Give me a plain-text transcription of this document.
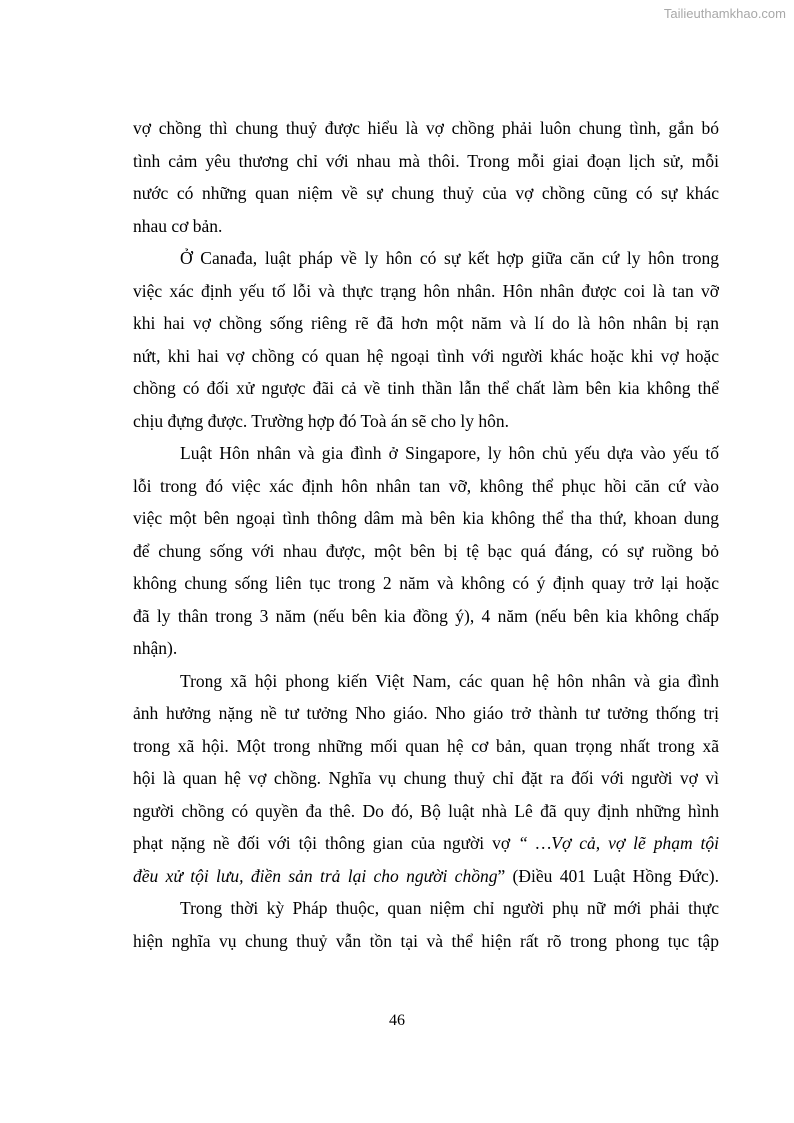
Tailieuthamkhao.com
vợ chồng thì chung thuỷ được hiểu là vợ chồng phải luôn chung tình, gắn bó
tình cảm yêu thương chỉ với nhau mà thôi. Trong mỗi giai đoạn lịch sử, mỗi
nước có những quan niệm về sự chung thuỷ của vợ chồng cũng có sự khác
nhau cơ bản.
Ở Canađa, luật pháp về ly hôn có sự kết hợp giữa căn cứ ly hôn trong
việc xác định yếu tố lỗi và thực trạng hôn nhân. Hôn nhân được coi là tan vỡ
khi hai vợ chồng sống riêng rẽ đã hơn một năm và lí do là hôn nhân bị rạn
nứt, khi hai vợ chồng có quan hệ ngoại tình với người khác hoặc khi vợ hoặc
chồng có đối xử ngược đãi cả về tinh thần lẫn thể chất làm bên kia không thể
chịu đựng được. Trường hợp đó Toà án sẽ cho ly hôn.
Luật Hôn nhân và gia đình ở Singapore, ly hôn chủ yếu dựa vào yếu tố
lỗi trong đó việc xác định hôn nhân tan vỡ, không thể phục hồi căn cứ vào
việc một bên ngoại tình thông dâm mà bên kia không thể tha thứ, khoan dung
để chung sống với nhau được, một bên bị tệ bạc quá đáng, có sự ruồng bỏ
không chung sống liên tục trong 2 năm và không có ý định quay trở lại hoặc
đã ly thân trong 3 năm (nếu bên kia đồng ý), 4 năm (nếu bên kia không chấp
nhận).
Trong xã hội phong kiến Việt Nam, các quan hệ hôn nhân và gia đình
ảnh hưởng nặng nề tư tưởng Nho giáo. Nho giáo trở thành tư tưởng thống trị
trong xã hội. Một trong những mối quan hệ cơ bản, quan trọng nhất trong xã
hội là quan hệ vợ chồng. Nghĩa vụ chung thuỷ chỉ đặt ra đối với người vợ vì
người chồng có quyền đa thê. Do đó, Bộ luật nhà Lê đã quy định những hình
phạt nặng nề đối với tội thông gian của người vợ “ …Vợ cả, vợ lẽ phạm tội
đều xử tội lưu, điền sản trả lại cho người chồng” (Điều 401 Luật Hồng Đức).
Trong thời kỳ Pháp thuộc, quan niệm chỉ người phụ nữ mới phải thực
hiện nghĩa vụ chung thuỷ vẫn tồn tại và thể hiện rất rõ trong phong tục tập
46
